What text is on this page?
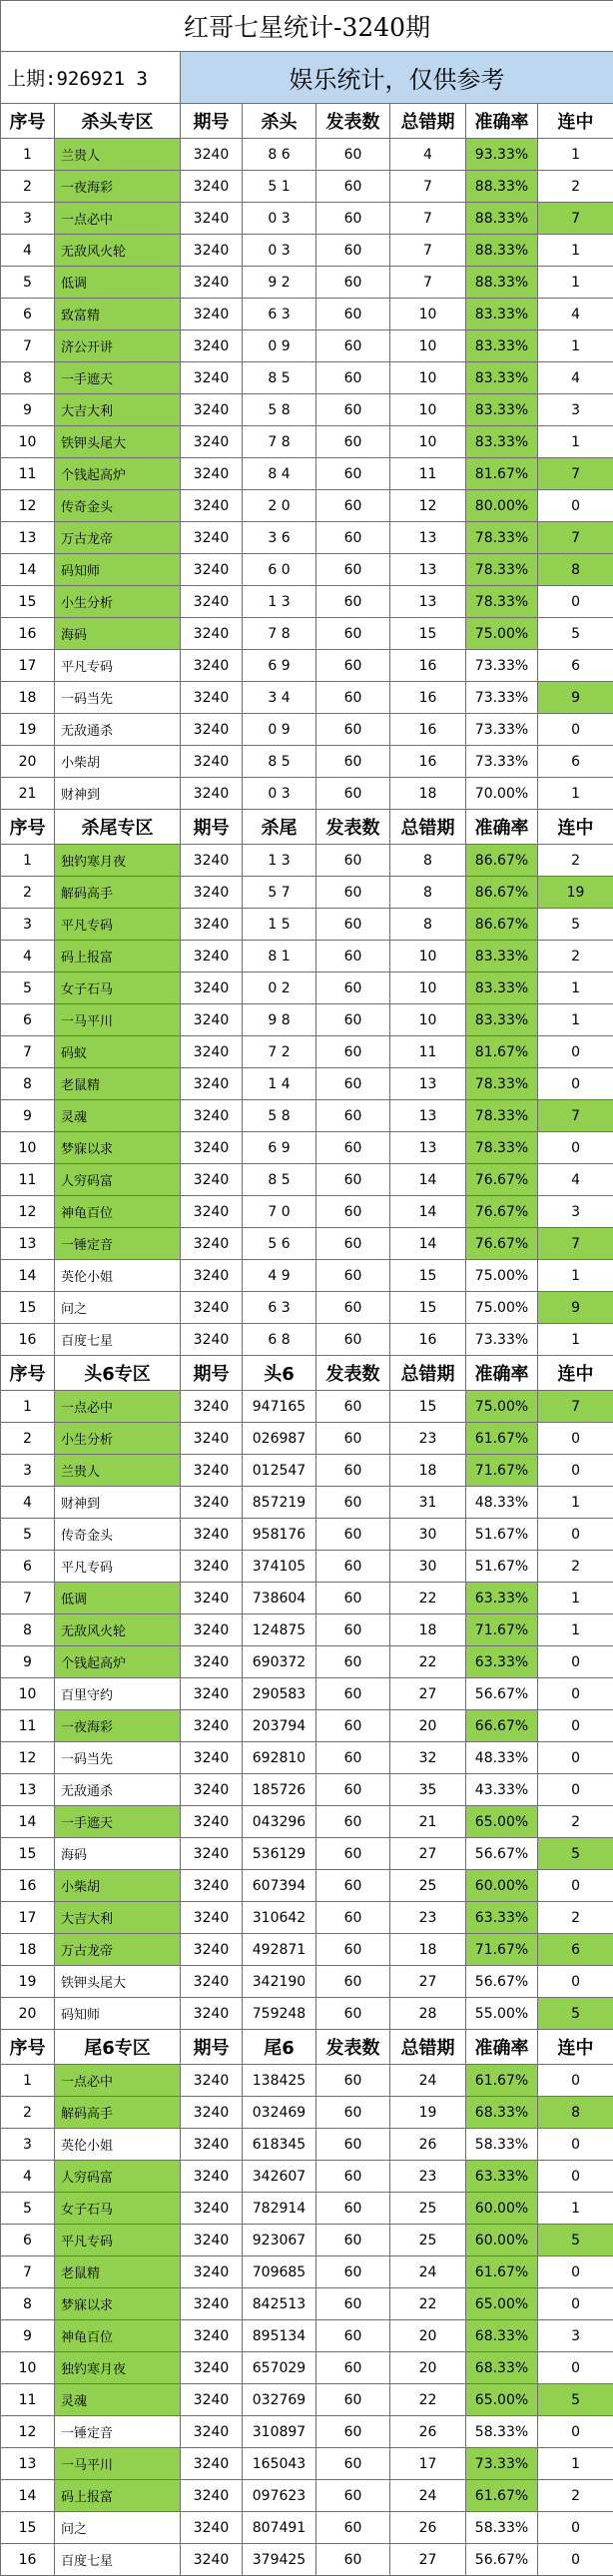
红哥七星统计-3240期							
上期:926921 3		娱乐统计，仅供参考					
序号	杀头专区	期号	杀头	发表数	总错期	准确率	连中
1	兰贵人	3240	8 6	60	4	93.33%	1
2	一夜海彩	3240	5 1	60	7	88.33%	2
3	一点必中	3240	0 3	60	7	88.33%	7
4	无敌风火轮	3240	0 3	60	7	88.33%	1
5	低调	3240	9 2	60	7	88.33%	1
6	致富精	3240	6 3	60	10	83.33%	4
7	济公开讲	3240	0 9	60	10	83.33%	1
8	一手遮天	3240	8 5	60	10	83.33%	4
9	大吉大利	3240	5 8	60	10	83.33%	3
10	铁钾头尾大	3240	7 8	60	10	83.33%	1
11	个钱起高炉	3240	8 4	60	11	81.67%	7
12	传奇金头	3240	2 0	60	12	80.00%	0
13	万古龙帝	3240	3 6	60	13	78.33%	7
14	码知师	3240	6 0	60	13	78.33%	8
15	小生分析	3240	1 3	60	13	78.33%	0
16	海码	3240	7 8	60	15	75.00%	5
17	平凡专码	3240	6 9	60	16	73.33%	6
18	一码当先	3240	3 4	60	16	73.33%	9
19	无敌通杀	3240	0 9	60	16	73.33%	0
20	小柴胡	3240	8 5	60	16	73.33%	6
21	财神到	3240	0 3	60	18	70.00%	1
序号	杀尾专区	期号	杀尾	发表数	总错期	准确率	连中
1	独钓寒月夜	3240	1 3	60	8	86.67%	2
2	解码高手	3240	5 7	60	8	86.67%	19
3	平凡专码	3240	1 5	60	8	86.67%	5
4	码上报富	3240	8 1	60	10	83.33%	2
5	女子石马	3240	0 2	60	10	83.33%	1
6	一马平川	3240	9 8	60	10	83.33%	1
7	码蚁	3240	7 2	60	11	81.67%	0
8	老鼠精	3240	1 4	60	13	78.33%	0
9	灵魂	3240	5 8	60	13	78.33%	7
10	梦寐以求	3240	6 9	60	13	78.33%	0
11	人穷码富	3240	8 5	60	14	76.67%	4
12	神龟百位	3240	7 0	60	14	76.67%	3
13	一锤定音	3240	5 6	60	14	76.67%	7
14	英伦小姐	3240	4 9	60	15	75.00%	1
15	问之	3240	6 3	60	15	75.00%	9
16	百度七星	3240	6 8	60	16	73.33%	1
序号	头6专区	期号	头6	发表数	总错期	准确率	连中
1	一点必中	3240	947165	60	15	75.00%	7
2	小生分析	3240	026987	60	23	61.67%	0
3	兰贵人	3240	012547	60	18	71.67%	0
4	财神到	3240	857219	60	31	48.33%	1
5	传奇金头	3240	958176	60	30	51.67%	0
6	平凡专码	3240	374105	60	30	51.67%	2
7	低调	3240	738604	60	22	63.33%	1
8	无敌风火轮	3240	124875	60	18	71.67%	1
9	个钱起高炉	3240	690372	60	22	63.33%	0
10	百里守约	3240	290583	60	27	56.67%	0
11	一夜海彩	3240	203794	60	20	66.67%	0
12	一码当先	3240	692810	60	32	48.33%	0
13	无敌通杀	3240	185726	60	35	43.33%	0
14	一手遮天	3240	043296	60	21	65.00%	2
15	海码	3240	536129	60	27	56.67%	5
16	小柴胡	3240	607394	60	25	60.00%	0
17	大吉大利	3240	310642	60	23	63.33%	2
18	万古龙帝	3240	492871	60	18	71.67%	6
19	铁钾头尾大	3240	342190	60	27	56.67%	0
20	码知师	3240	759248	60	28	55.00%	5
序号	尾6专区	期号	尾6	发表数	总错期	准确率	连中
1	一点必中	3240	138425	60	24	61.67%	0
2	解码高手	3240	032469	60	19	68.33%	8
3	英伦小姐	3240	618345	60	26	58.33%	0
4	人穷码富	3240	342607	60	23	63.33%	0
5	女子石马	3240	782914	60	25	60.00%	1
6	平凡专码	3240	923067	60	25	60.00%	5
7	老鼠精	3240	709685	60	24	61.67%	0
8	梦寐以求	3240	842513	60	22	65.00%	0
9	神龟百位	3240	895134	60	20	68.33%	3
10	独钓寒月夜	3240	657029	60	20	68.33%	0
11	灵魂	3240	032769	60	22	65.00%	5
12	一锤定音	3240	310897	60	26	58.33%	0
13	一马平川	3240	165043	60	17	73.33%	1
14	码上报富	3240	097623	60	24	61.67%	2
15	问之	3240	807491	60	26	58.33%	0
16	百度七星	3240	379425	60	27	56.67%	0
